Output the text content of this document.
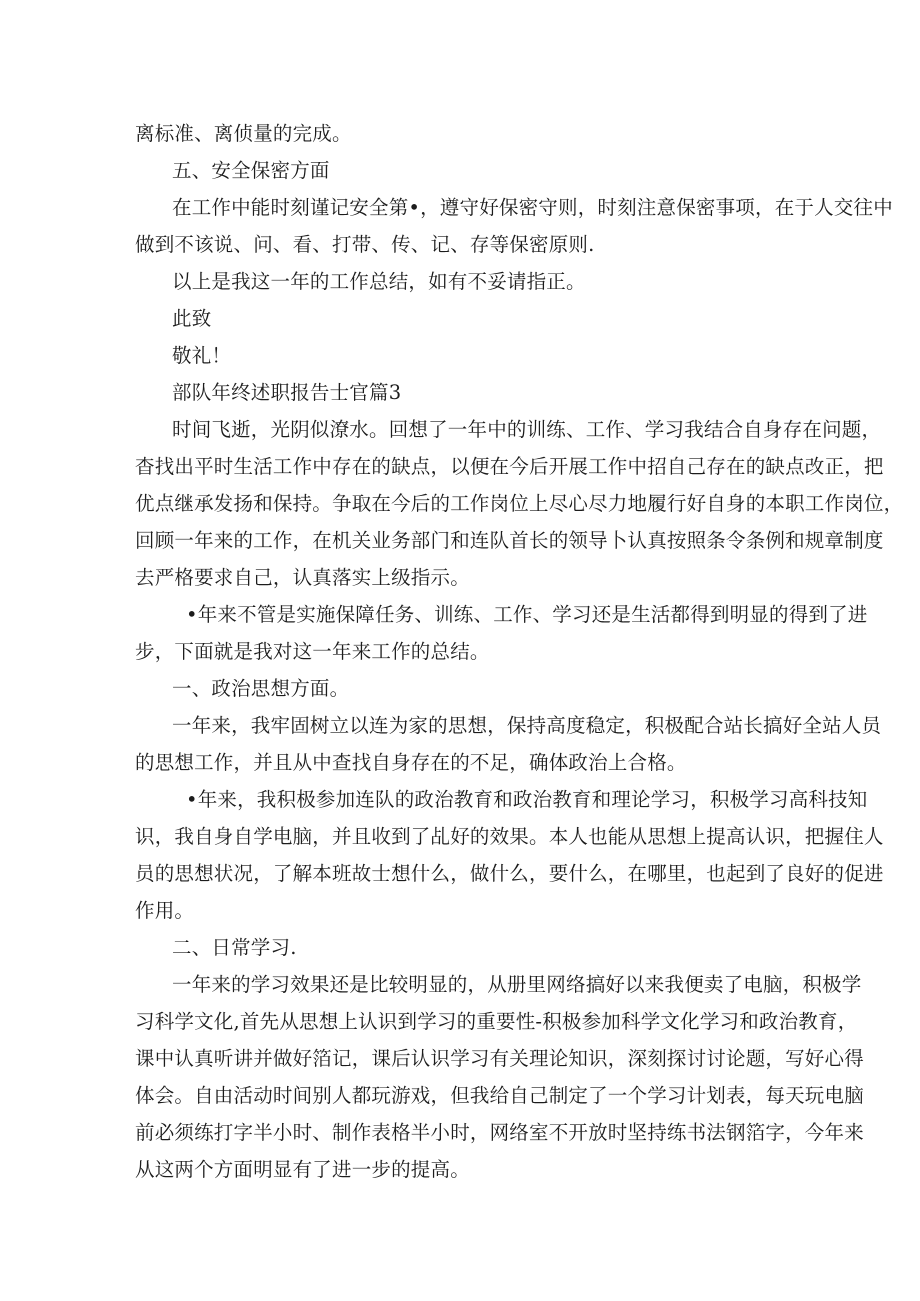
离标准、离侦量的完成。

五、安全保密方面

在工作中能时刻谨记安全第•，遵守好保密守则，时刻注意保密事项，在于人交往中

做到不该说、问、看、打带、传、记、存等保密原则.

以上是我这一年的工作总结，如有不妥请指正。

此致

敬礼！

部队年终述职报告士官篇3

时间飞逝，光阴似潦水。回想了一年中的训练、工作、学习我结合自身存在问题，

杳找出平时生活工作中存在的缺点，以便在今后开展工作中招自己存在的缺点改正，把

优点继承发扬和保持。争取在今后的工作岗位上尽心尽力地履行好自身的本职工作岗位，

回顾一年来的工作，在机关业务部门和连队首长的领导卜认真按照条令条例和规章制度

去严格要求自己，认真落实上级指示。

•年来不管是实施保障任务、训练、工作、学习还是生活都得到明显的得到了进

步，下面就是我对这一年来工作的总结。

一、政治思想方面。

一年来，我牢固树立以连为家的思想，保持高度稳定，积极配合站长搞好全站人员

的思想工作，并且从中查找自身存在的不足，确体政治上合格。

•年来，我积极参加连队的政治教育和政治教育和理论学习，积极学习高科技知

识，我自身自学电脑，并且收到了乩好的效果。本人也能从思想上提高认识，把握住人

员的思想状况，了解本班故士想什么，做什么，要什么，在哪里，也起到了良好的促进

作用。

二、日常学习.

一年来的学习效果还是比较明显的，从册里网络搞好以来我便卖了电脑，积极学

习科学文化,首先从思想上认识到学习的重要性-积极参加科学文化学习和政治教育，

课中认真听讲并做好箔记，课后认识学习有关理论知识，深刻探讨讨论题，写好心得

体会。自由活动时间别人都玩游戏，但我给自己制定了一个学习计划表，每天玩电脑

前必须练打字半小时、制作表格半小时，网络室不开放时坚持练书法钢箔字，今年来

从这两个方面明显有了进一步的提高。
